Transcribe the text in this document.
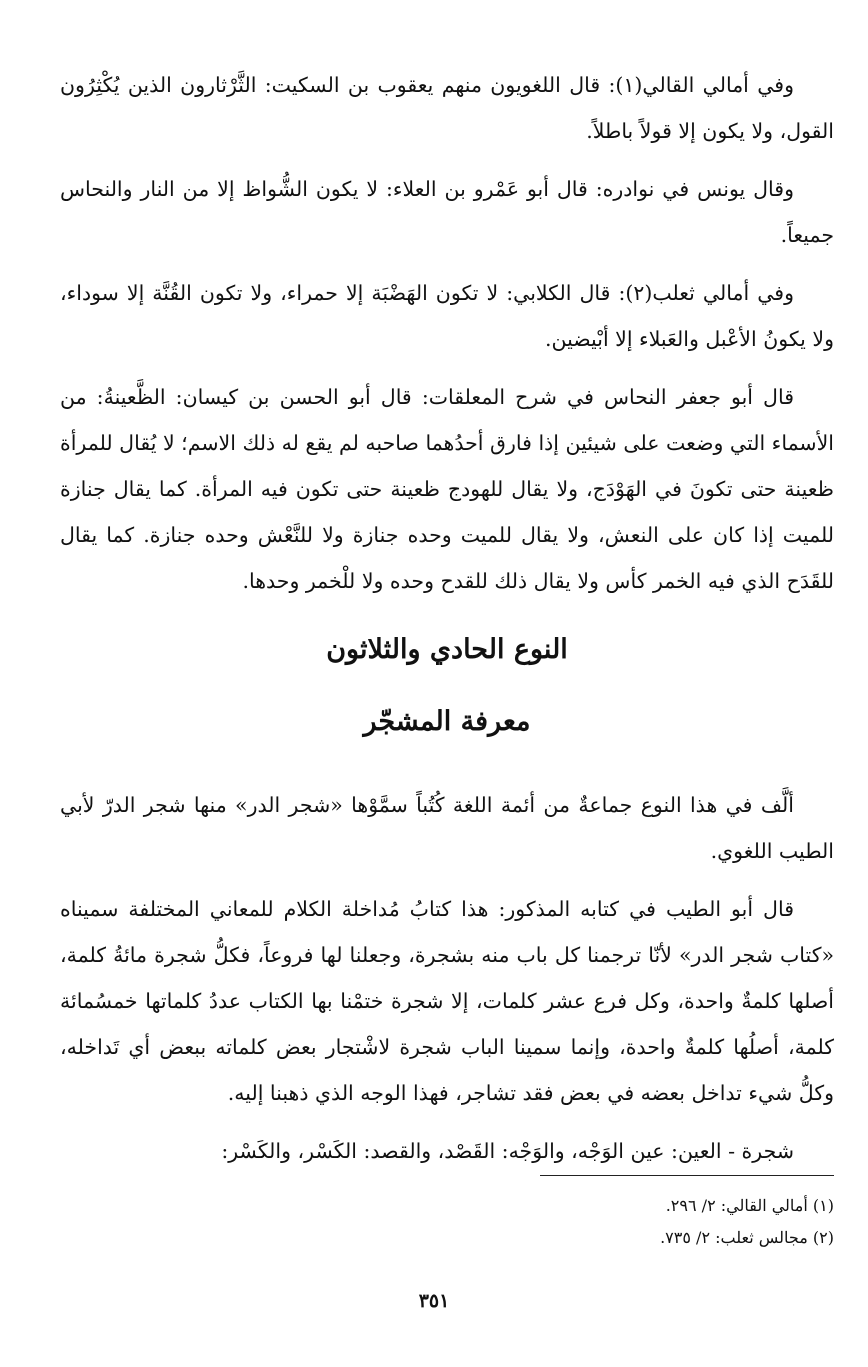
وفي أمالي القالي(١): قال اللغويون منهم يعقوب بن السكيت: الثَّرْثارون الذين يُكْثِرُون القول، ولا يكون إلا قولاً باطلاً.

وقال يونس في نوادره: قال أبو عَمْرو بن العلاء: لا يكون الشُّواظ إلا من النار والنحاس جميعاً.

وفي أمالي ثعلب(٢): قال الكلابي: لا تكون الهَضْبَة إلا حمراء، ولا تكون القُنَّة إلا سوداء، ولا يكونُ الأعْبل والعَبلاء إلا أبْيضين.

قال أبو جعفر النحاس في شرح المعلقات: قال أبو الحسن بن كيسان: الظَّعينةُ: من الأسماء التي وضعت على شيئين إذا فارق أحدُهما صاحبه لم يقع له ذلك الاسم؛ لا يُقال للمرأة ظعينة حتى تكونَ في الهَوْدَج، ولا يقال للهودج ظعينة حتى تكون فيه المرأة. كما يقال جنازة للميت إذا كان على النعش، ولا يقال للميت وحده جنازة ولا للنَّعْش وحده جنازة. كما يقال للقَدَح الذي فيه الخمر كأس ولا يقال ذلك للقدح وحده ولا للْخمر وحدها.

النوع الحادي والثلاثون
معرفة المشجّر

ألَّف في هذا النوع جماعةٌ من أئمة اللغة كُتُباً سمَّوْها «شجر الدر» منها شجر الدرّ لأبي الطيب اللغوي.

قال أبو الطيب في كتابه المذكور: هذا كتابُ مُداخلة الكلام للمعاني المختلفة سميناه «كتاب شجر الدر» لأنّا ترجمنا كل باب منه بشجرة، وجعلنا لها فروعاً، فكلُّ شجرة مائةُ كلمة، أصلها كلمةٌ واحدة، وكل فرع عشر كلمات، إلا شجرة ختمْنا بها الكتاب عددُ كلماتها خمسُمائة كلمة، أصلُها كلمةٌ واحدة، وإنما سمينا الباب شجرة لاشْتجار بعض كلماته ببعض أي تَداخله، وكلُّ شيء تداخل بعضه في بعض فقد تشاجر، فهذا الوجه الذي ذهبنا إليه.

شجرة - العين: عين الوَجْه، والوَجْه: القَصْد، والقصد: الكَسْر، والكَسْر:

(١) أمالي القالي: ٢/ ٢٩٦.

(٢) مجالس ثعلب: ٢/ ٧٣٥.

٣٥١
